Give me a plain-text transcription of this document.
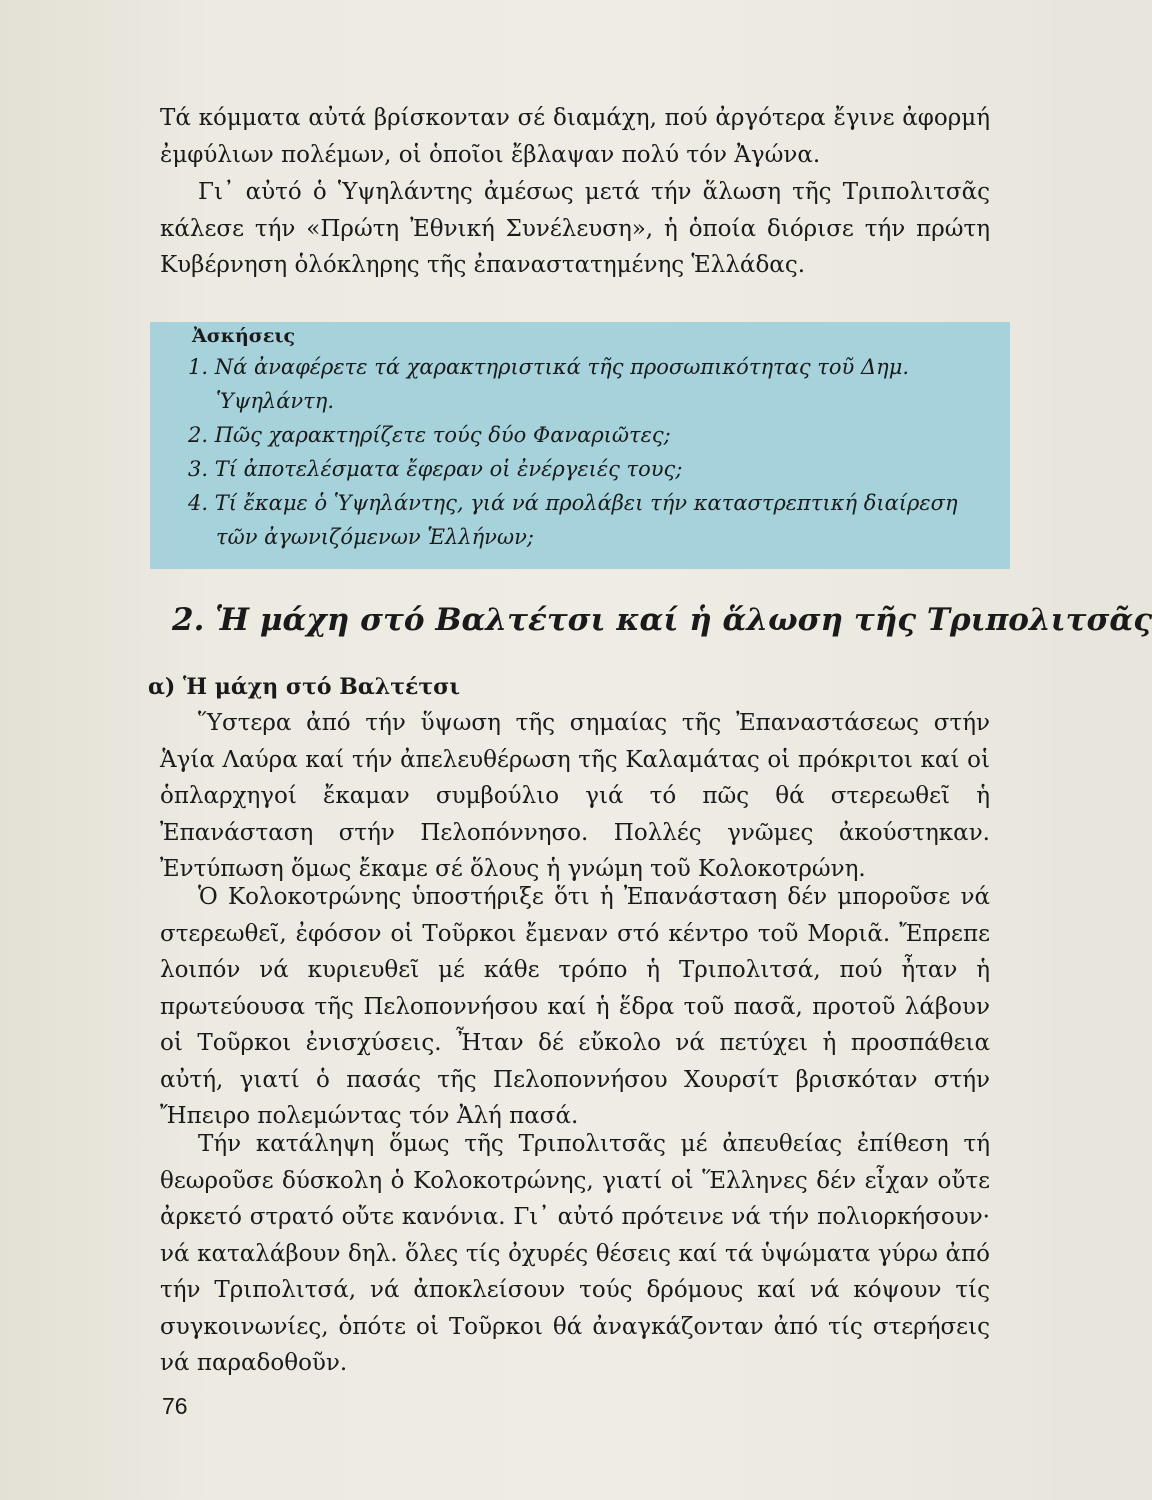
Τά κόμματα αὐτά βρίσκονταν σέ διαμάχη, πού ἀργότερα ἔγινε ἀφορμή ἐμφύλιων πολέμων, οἱ ὁποῖοι ἔβλαψαν πολύ τόν Ἀγώνα.

Γι᾽ αὐτό ὁ Ὑψηλάντης ἀμέσως μετά τήν ἅλωση τῆς Τριπολιτσᾶς κάλεσε τήν «Πρώτη Ἐθνική Συνέλευση», ἡ ὁποία διόρισε τήν πρώτη Κυβέρνηση ὁλόκληρης τῆς ἐπαναστατημένης Ἑλλάδας.

Ἀσκήσεις

1. Νά ἀναφέρετε τά χαρακτηριστικά τῆς προσωπικότητας τοῦ Δημ. Ὑψηλάντη.
2. Πῶς χαρακτηρίζετε τούς δύο Φαναριῶτες;
3. Τί ἀποτελέσματα ἔφεραν οἱ ἐνέργειές τους;
4. Τί ἔκαμε ὁ Ὑψηλάντης, γιά νά προλάβει τήν καταστρεπτική διαίρεση τῶν ἀγωνιζόμενων Ἑλλήνων;
2. Ἡ μάχη στό Βαλτέτσι καί ἡ ἅλωση τῆς Τριπολιτσᾶς
α) Ἡ μάχη στό Βαλτέτσι

Ὕστερα ἀπό τήν ὕψωση τῆς σημαίας τῆς Ἐπαναστάσεως στήν Ἁγία Λαύρα καί τήν ἀπελευθέρωση τῆς Καλαμάτας οἱ πρόκριτοι καί οἱ ὁπλαρχηγοί ἔκαμαν συμβούλιο γιά τό πῶς θά στερεωθεῖ ἡ Ἐπανάσταση στήν Πελοπόννησο. Πολλές γνῶμες ἀκούστηκαν. Ἐντύπωση ὅμως ἔκαμε σέ ὅλους ἡ γνώμη τοῦ Κολοκοτρώνη.

Ὁ Κολοκοτρώνης ὑποστήριξε ὅτι ἡ Ἐπανάσταση δέν μποροῦσε νά στερεωθεῖ, ἐφόσον οἱ Τοῦρκοι ἔμεναν στό κέντρο τοῦ Μοριᾶ. Ἔπρεπε λοιπόν νά κυριευθεῖ μέ κάθε τρόπο ἡ Τριπολιτσά, πού ἦταν ἡ πρωτεύουσα τῆς Πελοποννήσου καί ἡ ἕδρα τοῦ πασᾶ, προτοῦ λάβουν οἱ Τοῦρκοι ἐνισχύσεις. Ἦταν δέ εὔκολο νά πετύχει ἡ προσπάθεια αὐτή, γιατί ὁ πασάς τῆς Πελοποννήσου Χουρσίτ βρισκόταν στήν Ἤπειρο πολεμώντας τόν Ἀλή πασά.

Τήν κατάληψη ὅμως τῆς Τριπολιτσᾶς μέ ἀπευθείας ἐπίθεση τή θεωροῦσε δύσκολη ὁ Κολοκοτρώνης, γιατί οἱ Ἕλληνες δέν εἶχαν οὔτε ἀρκετό στρατό οὔτε κανόνια. Γι᾽ αὐτό πρότεινε νά τήν πολιορκήσουν· νά καταλάβουν δηλ. ὅλες τίς ὀχυρές θέσεις καί τά ὑψώματα γύρω ἀπό τήν Τριπολιτσά, νά ἀποκλείσουν τούς δρόμους καί νά κόψουν τίς συγκοινωνίες, ὁπότε οἱ Τοῦρκοι θά ἀναγκάζονταν ἀπό τίς στερήσεις νά παραδοθοῦν.

76
